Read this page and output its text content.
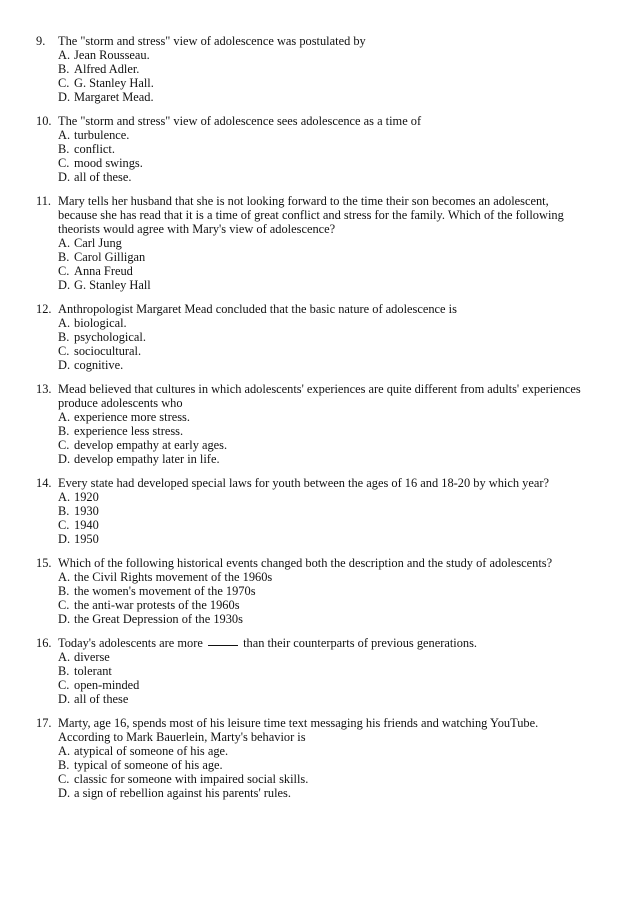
9.	The "storm and stress" view of adolescence was postulated by
A. Jean Rousseau.
B. Alfred Adler.
C. G. Stanley Hall.
D. Margaret Mead.
10. The "storm and stress" view of adolescence sees adolescence as a time of
A. turbulence.
B. conflict.
C. mood swings.
D. all of these.
11. Mary tells her husband that she is not looking forward to the time their son becomes an adolescent,
because she has read that it is a time of great conflict and stress for the family. Which of the following
theorists would agree with Mary's view of adolescence?
A. Carl Jung
B. Carol Gilligan
C. Anna Freud
D. G. Stanley Hall
12. Anthropologist Margaret Mead concluded that the basic nature of adolescence is
A. biological.
B. psychological.
C. sociocultural.
D. cognitive.
13. Mead believed that cultures in which adolescents' experiences are quite different from adults' experiences
produce adolescents who
A. experience more stress.
B. experience less stress.
C. develop empathy at early ages.
D. develop empathy later in life.
14. Every state had developed special laws for youth between the ages of 16 and 18-20 by which year?
A. 1920
B. 1930
C. 1940
D. 1950
15. Which of the following historical events changed both the description and the study of adolescents?
A. the Civil Rights movement of the 1960s
B. the women's movement of the 1970s
C. the anti-war protests of the 1960s
D. the Great Depression of the 1930s
16. Today's adolescents are more	than their counterparts of previous generations.
A. diverse
B. tolerant
C. open-minded
D. all of these
17. Marty, age 16, spends most of his leisure time text messaging his friends and watching YouTube.
According to Mark Bauerlein, Marty's behavior is
A. atypical of someone of his age.
B. typical of someone of his age.
C. classic for someone with impaired social skills.
D. a sign of rebellion against his parents' rules.
